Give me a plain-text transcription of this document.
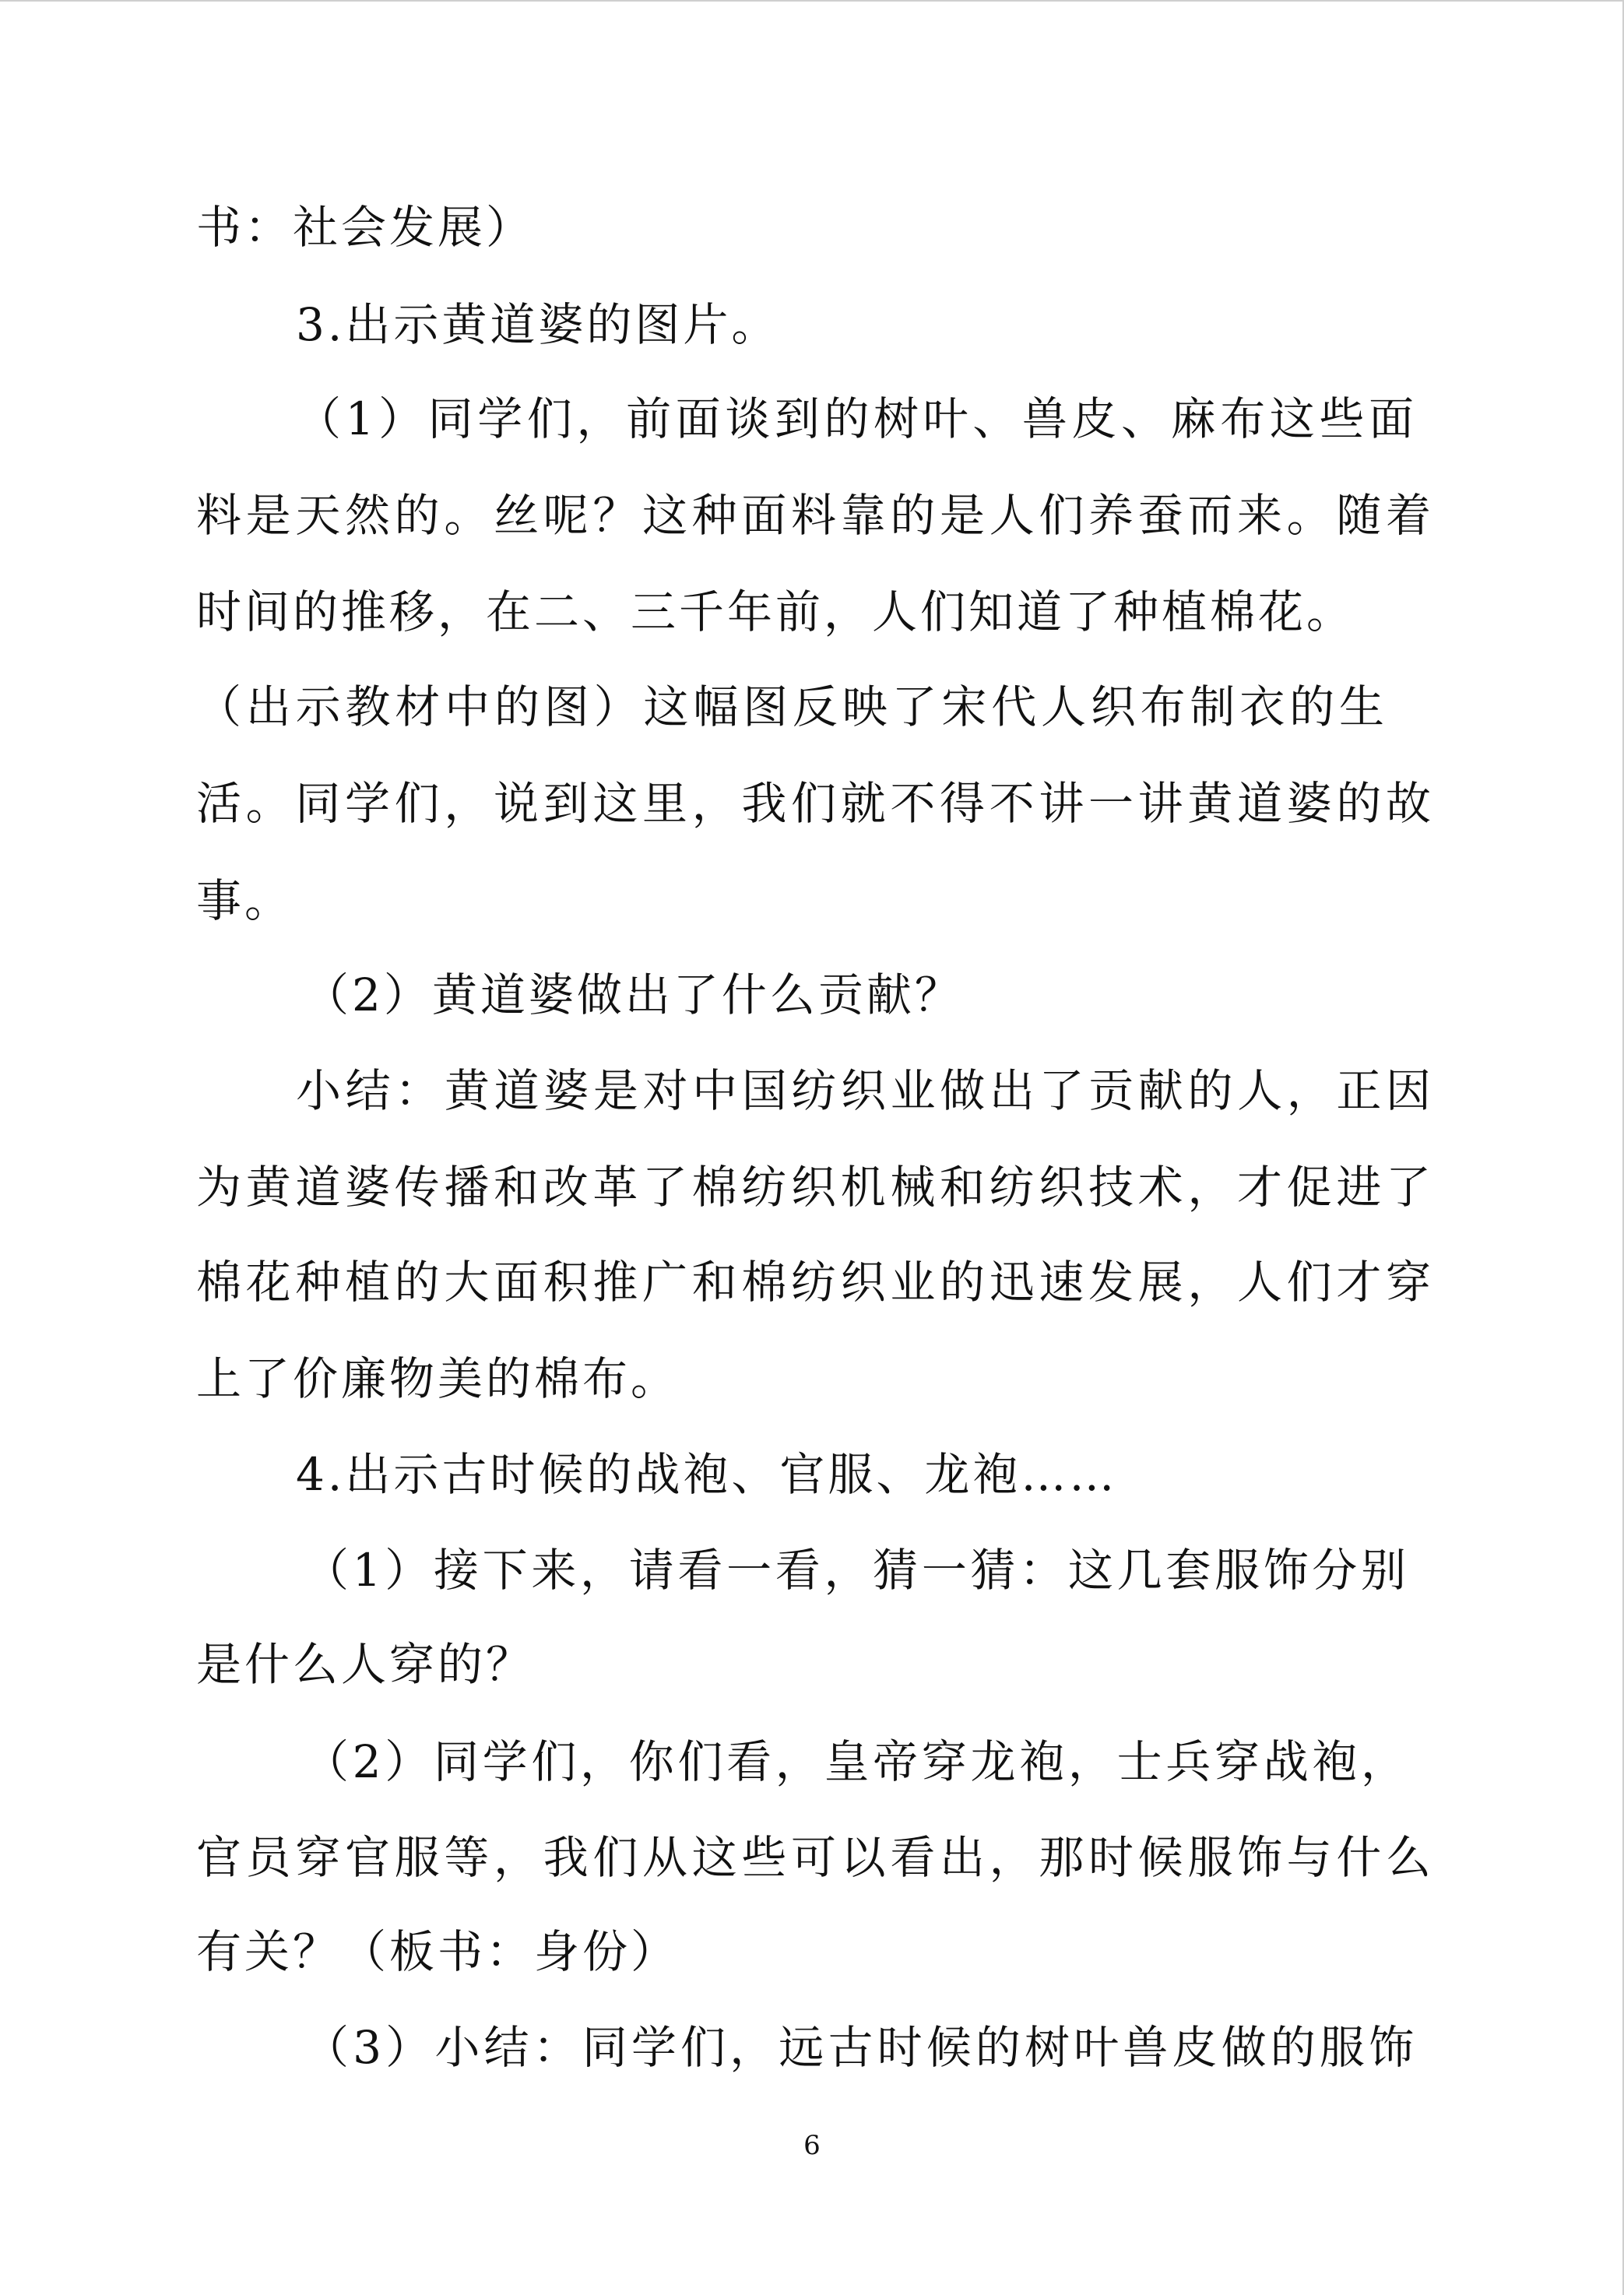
书：社会发展）
3.出示黄道婆的图片。
（1）同学们，前面谈到的树叶、兽皮、麻布这些面
料是天然的。丝呢？这种面料靠的是人们养蚕而来。随着
时间的推移，在二、三千年前，人们知道了种植棉花。
（出示教材中的图）这幅图反映了宋代人织布制衣的生
活。同学们，说到这里，我们就不得不讲一讲黄道婆的故
事。
（2）黄道婆做出了什么贡献？
小结：黄道婆是对中国纺织业做出了贡献的人，正因
为黄道婆传播和改革了棉纺织机械和纺织技术，才促进了
棉花种植的大面积推广和棉纺织业的迅速发展，人们才穿
上了价廉物美的棉布。
4.出示古时候的战袍、官服、龙袍……
（1）接下来，请看一看，猜一猜：这几套服饰分别
是什么人穿的？
（2）同学们，你们看，皇帝穿龙袍，士兵穿战袍，
官员穿官服等，我们从这些可以看出，那时候服饰与什么
有关？（板书：身份）
（3）小结：同学们，远古时候的树叶兽皮做的服饰
6
